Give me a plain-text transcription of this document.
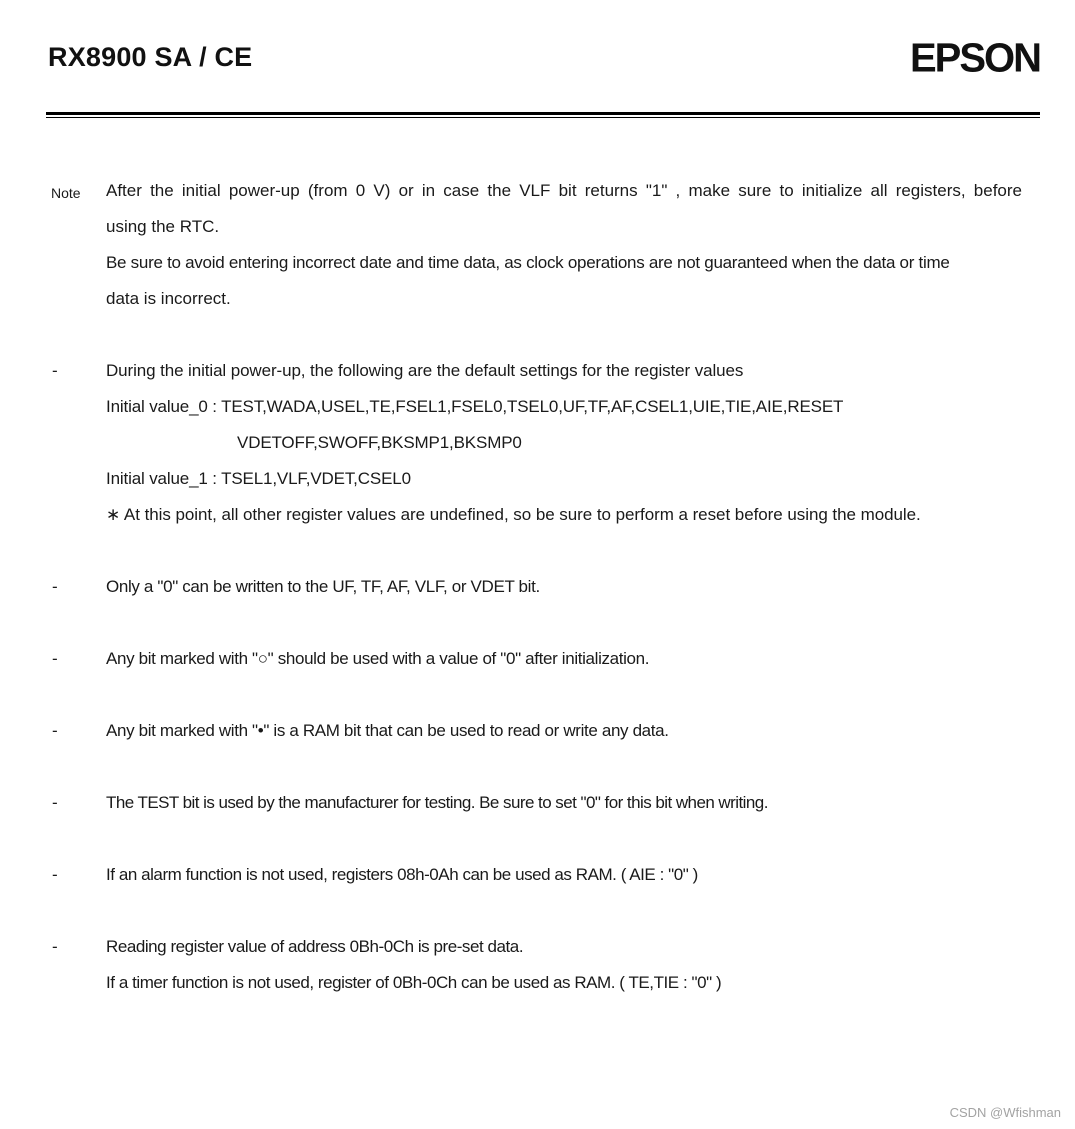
RX8900 SA / CE	EPSON
Note After the initial power-up (from 0 V) or in case the VLF bit returns "1" , make sure to initialize all registers, before
using the RTC.
Be sure to avoid entering incorrect date and time data, as clock operations are not guaranteed when the data or time
data is incorrect.
-	During the initial power-up, the following are the default settings for the register values
Initial value_0 : TEST,WADA,USEL,TE,FSEL1,FSEL0,TSEL0,UF,TF,AF,CSEL1,UIE,TIE,AIE,RESET
VDETOFF,SWOFF,BKSMP1,BKSMP0
Initial value_1 : TSEL1,VLF,VDET,CSEL0
∗ At this point, all other register values are undefined, so be sure to perform a reset before using the module.
-	Only a "0" can be written to the UF, TF, AF, VLF, or VDET bit.
-	Any bit marked with "○" should be used with a value of "0" after initialization.
-	Any bit marked with "•" is a RAM bit that can be used to read or write any data.
-	The TEST bit is used by the manufacturer for testing. Be sure to set "0" for this bit when writing.
-	If an alarm function is not used, registers 08h-0Ah can be used as RAM. ( AIE : "0" )
-	Reading register value of address 0Bh-0Ch is pre-set data.
If a timer function is not used, register of 0Bh-0Ch can be used as RAM. ( TE,TIE : "0" )
CSDN @Wfishman
